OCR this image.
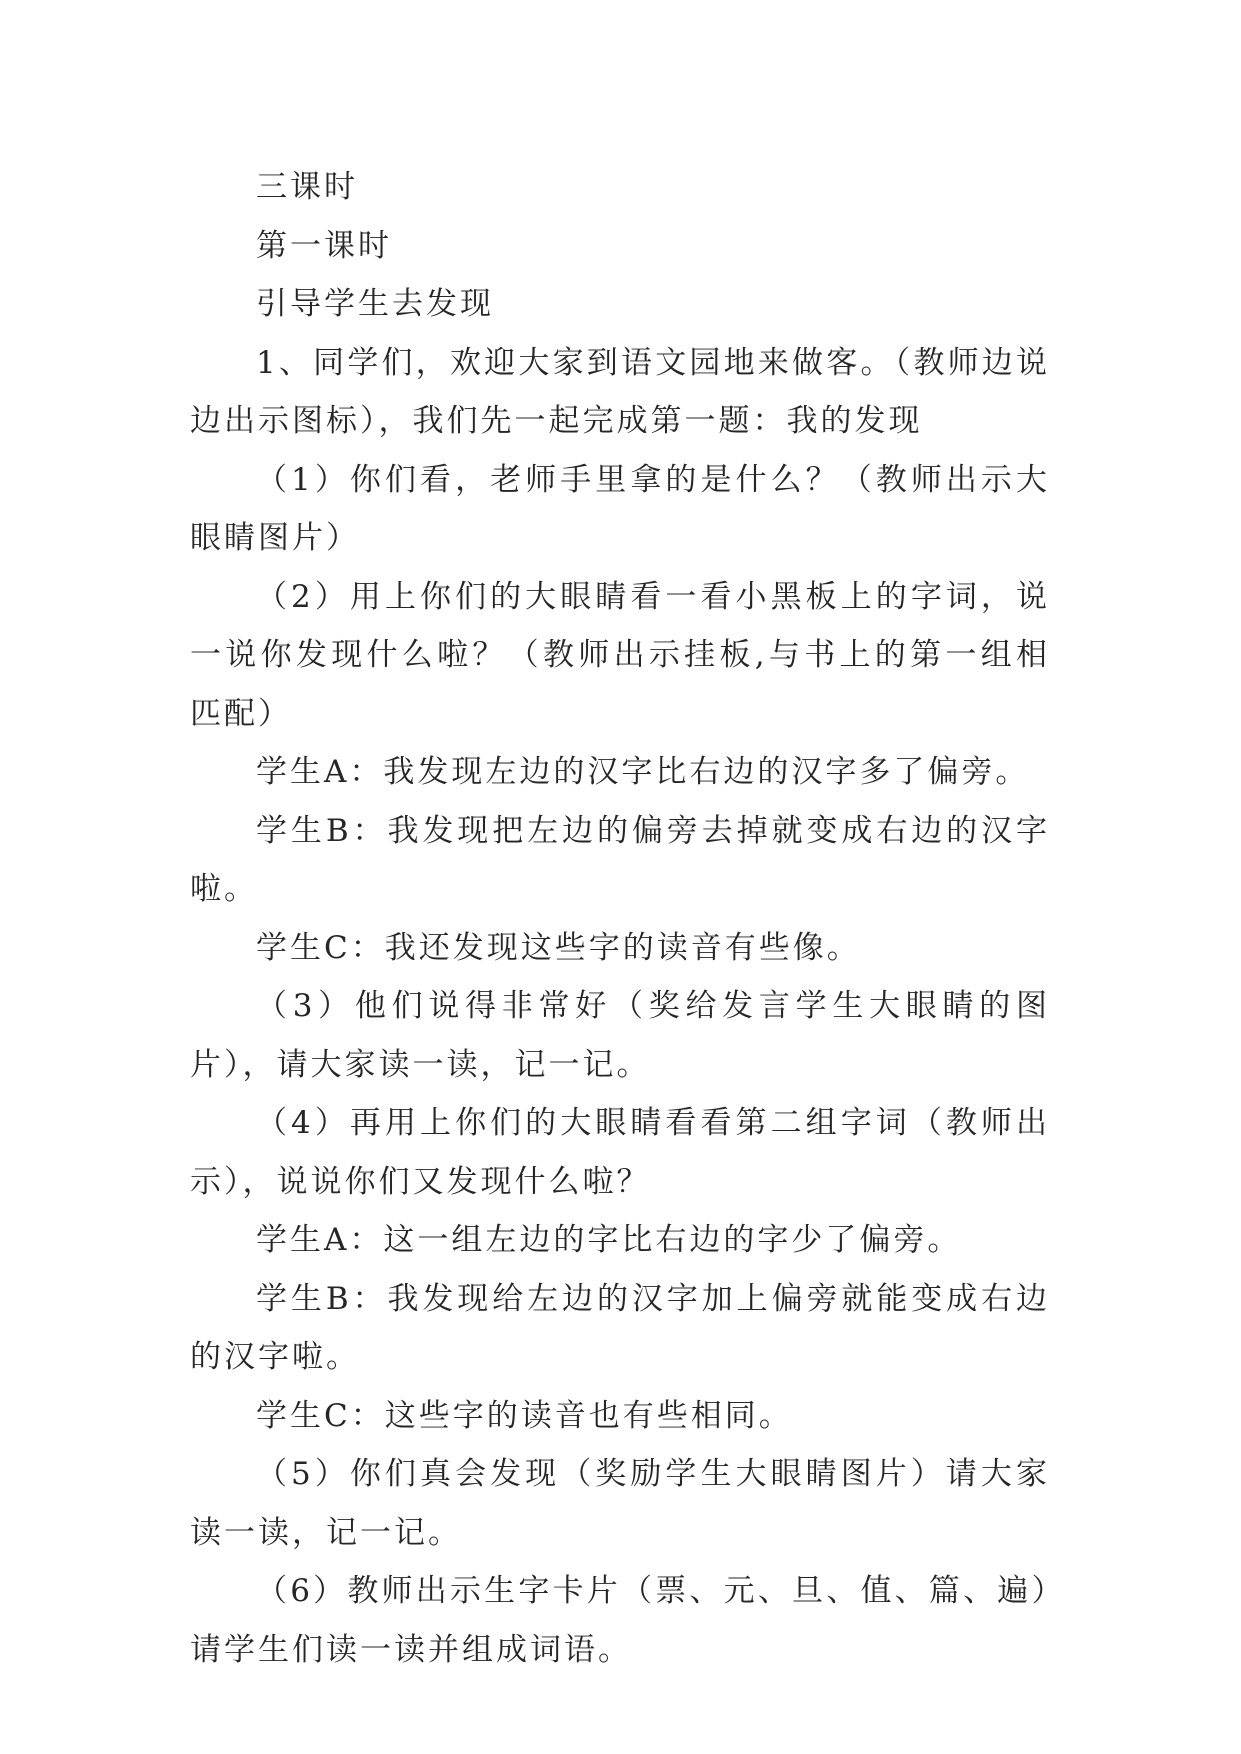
三课时

第一课时

引导学生去发现

1、同学们，欢迎大家到语文园地来做客。（教师边说边出示图标），我们先一起完成第一题：我的发现

（1）你们看，老师手里拿的是什么？（教师出示大眼睛图片）

（2）用上你们的大眼睛看一看小黑板上的字词，说一说你发现什么啦？（教师出示挂板,与书上的第一组相匹配）

学生A：我发现左边的汉字比右边的汉字多了偏旁。

学生B：我发现把左边的偏旁去掉就变成右边的汉字啦。

学生C：我还发现这些字的读音有些像。

（3）他们说得非常好（奖给发言学生大眼睛的图片），请大家读一读，记一记。

（4）再用上你们的大眼睛看看第二组字词（教师出示），说说你们又发现什么啦？

学生A：这一组左边的字比右边的字少了偏旁。

学生B：我发现给左边的汉字加上偏旁就能变成右边的汉字啦。

学生C：这些字的读音也有些相同。

（5）你们真会发现（奖励学生大眼睛图片）请大家读一读，记一记。

（6）教师出示生字卡片（票、元、旦、值、篇、遍）请学生们读一读并组成词语。
